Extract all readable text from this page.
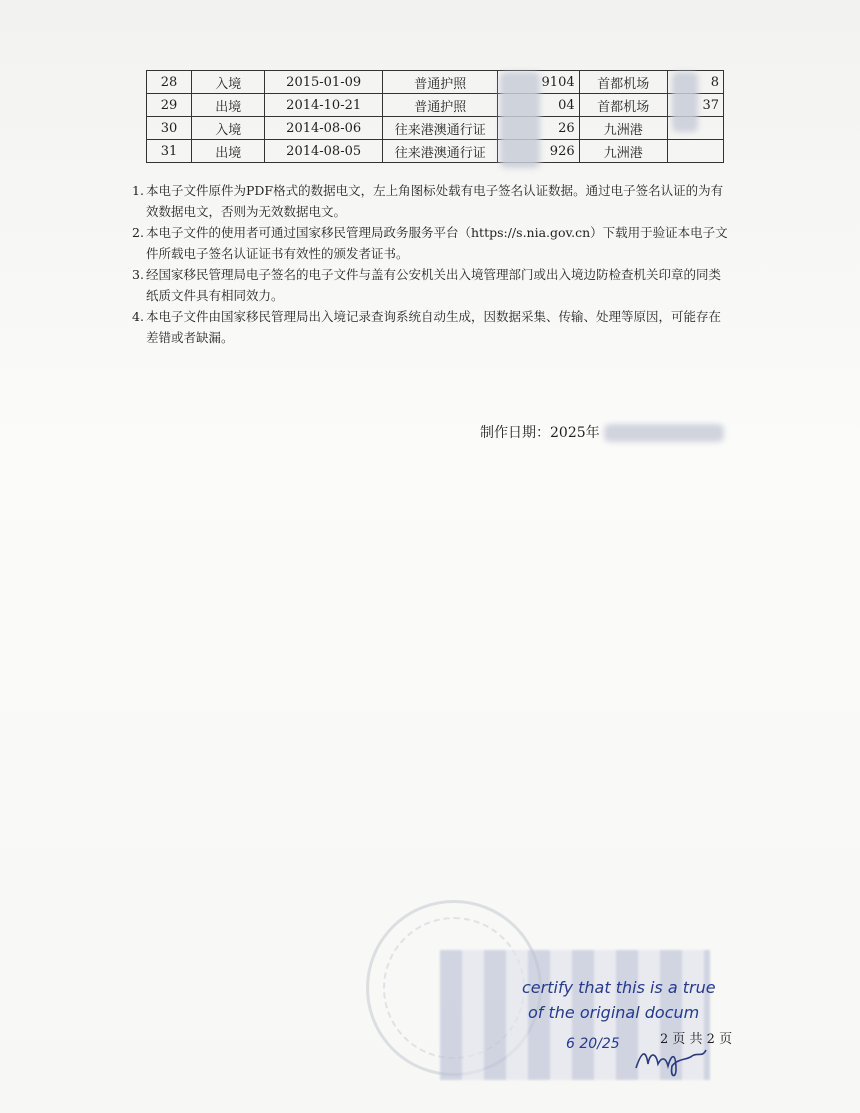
28	入境	2015-01-09	普通护照	9104	首都机场	8
29	出境	2014-10-21	普通护照	04	首都机场	37
30	入境	2014-08-06	往来港澳通行证	26	九洲港	
31	出境	2014-08-05	往来港澳通行证	926	九洲港	
1. 本电子文件原件为PDF格式的数据电文，左上角图标处载有电子签名认证数据。通过电子签名认证的为有效数据电文，否则为无效数据电文。
2. 本电子文件的使用者可通过国家移民管理局政务服务平台（https://s.nia.gov.cn）下载用于验证本电子文件所载电子签名认证证书有效性的颁发者证书。
3. 经国家移民管理局电子签名的电子文件与盖有公安机关出入境管理部门或出入境边防检查机关印章的同类纸质文件具有相同效力。
4. 本电子文件由国家移民管理局出入境记录查询系统自动生成，因数据采集、传输、处理等原因，可能存在差错或者缺漏。
制作日期：2025年
certify that this is a true
of the original docum
6 20/25	2 页 共 2 页
